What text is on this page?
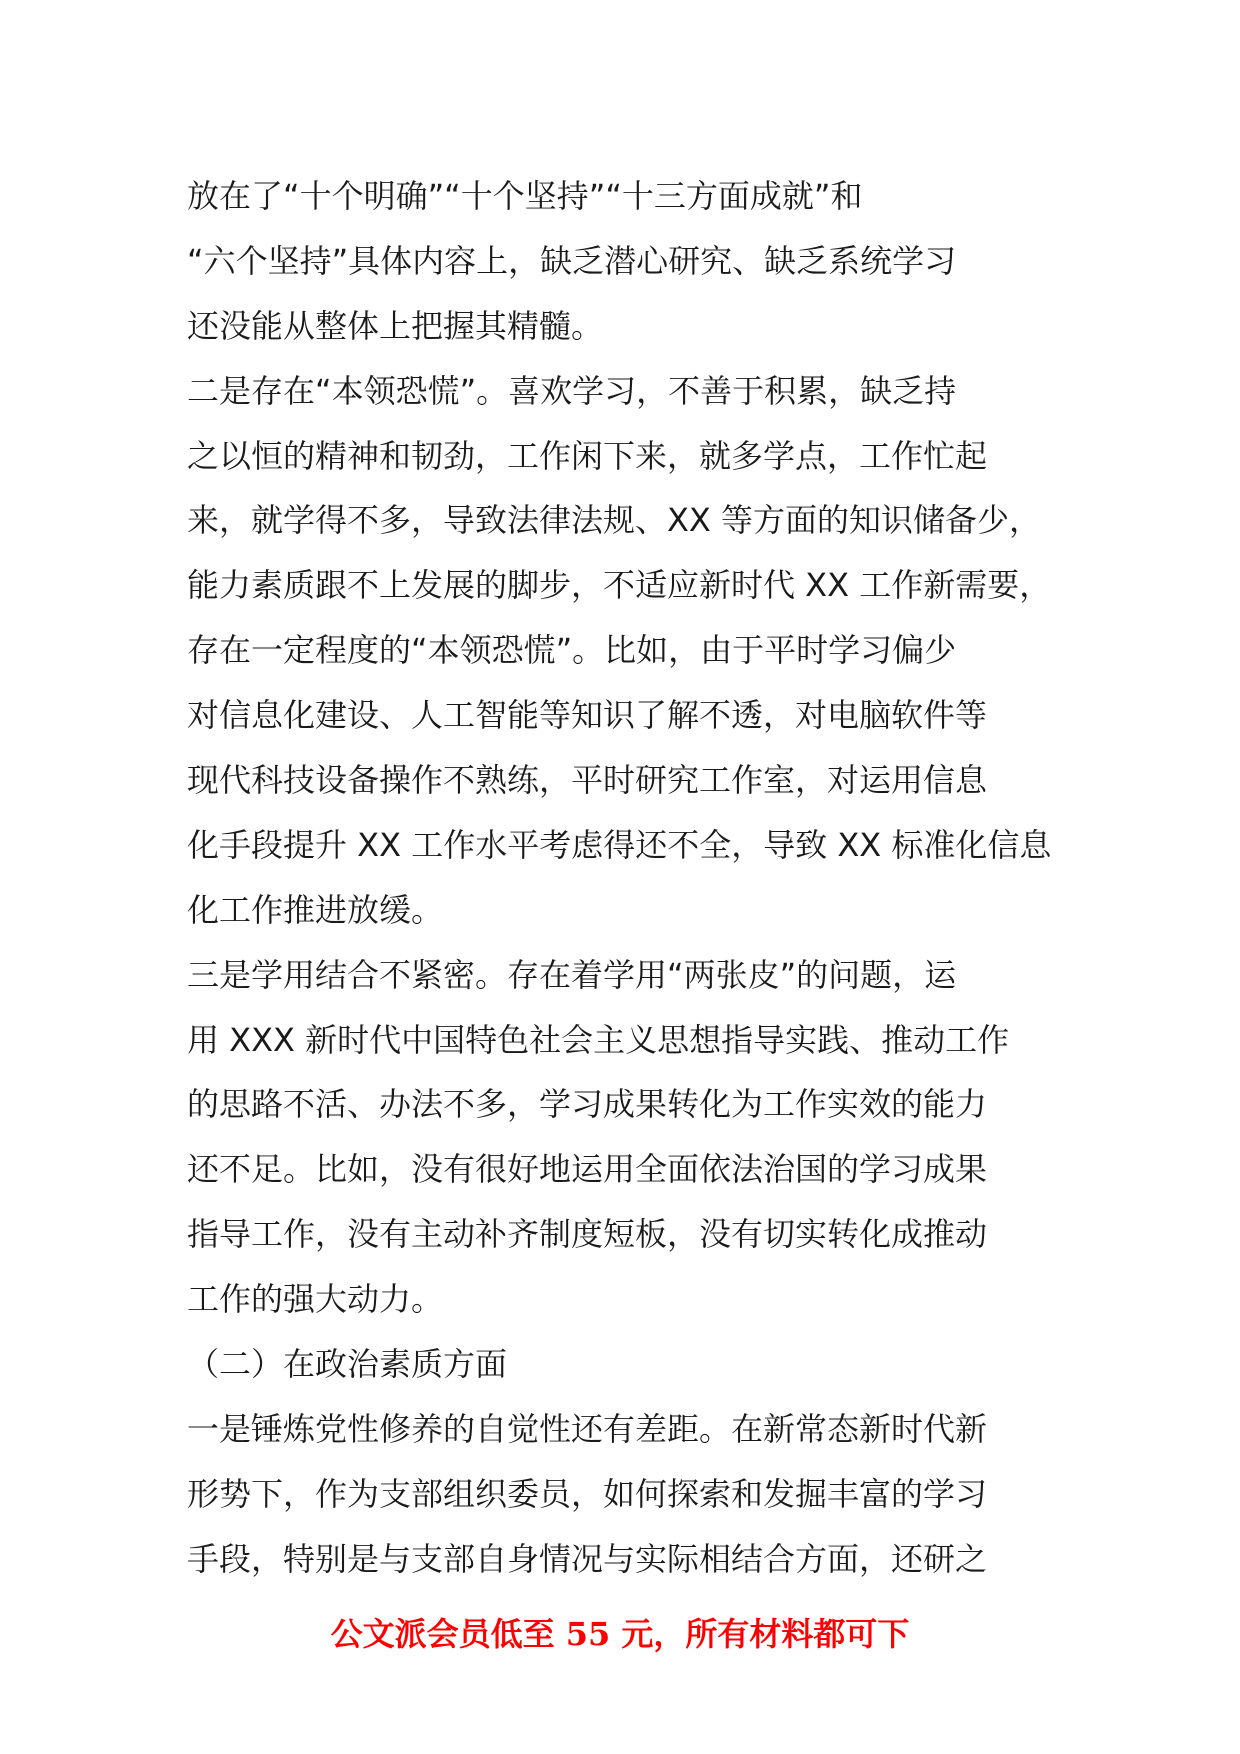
放在了“十个明确”“十个坚持”“十三方面成就”和
“六个坚持”具体内容上，缺乏潜心研究、缺乏系统学习
还没能从整体上把握其精髓。
二是存在“本领恐慌”。喜欢学习，不善于积累，缺乏持
之以恒的精神和韧劲，工作闲下来，就多学点，工作忙起
来，就学得不多，导致法律法规、XX 等方面的知识储备少，
能力素质跟不上发展的脚步，不适应新时代 XX 工作新需要，
存在一定程度的“本领恐慌”。比如，由于平时学习偏少
对信息化建设、人工智能等知识了解不透，对电脑软件等
现代科技设备操作不熟练，平时研究工作室，对运用信息
化手段提升 XX 工作水平考虑得还不全，导致 XX 标准化信息
化工作推进放缓。
三是学用结合不紧密。存在着学用“两张皮”的问题，运
用 XXX 新时代中国特色社会主义思想指导实践、推动工作
的思路不活、办法不多，学习成果转化为工作实效的能力
还不足。比如，没有很好地运用全面依法治国的学习成果
指导工作，没有主动补齐制度短板，没有切实转化成推动
工作的强大动力。
（二）在政治素质方面
一是锤炼党性修养的自觉性还有差距。在新常态新时代新
形势下，作为支部组织委员，如何探索和发掘丰富的学习
手段，特别是与支部自身情况与实际相结合方面，还研之
公文派会员低至 55 元，所有材料都可下
